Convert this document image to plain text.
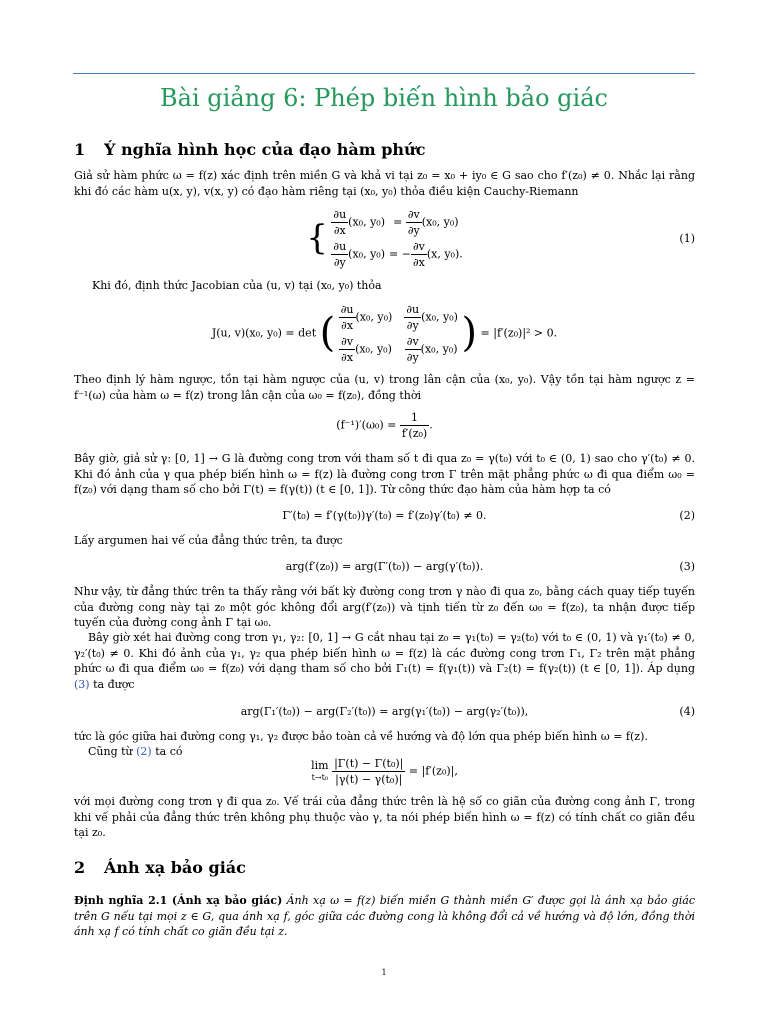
Bài giảng 6: Phép biến hình bảo giác
1 Ý nghĩa hình học của đạo hàm phức
Giả sử hàm phức ω = f(z) xác định trên miền G và khả vi tại z₀ = x₀ + iy₀ ∈ G sao cho f′(z₀) ≠ 0. Nhắc lại rằng khi đó các hàm u(x, y), v(x, y) có đạo hàm riêng tại (x₀, y₀) thỏa điều kiện Cauchy-Riemann
{ $\frac{\partial u}{\partial x} (x_0$, $y_0) = \frac{\partial v}{\partial y} (x_0$, y₀)
$\frac{\partial u}{\partial y} (x_0$, y₀) = − $\frac{\partial v}{\partial x} (x$, y₀).
(1)
Khi đó, định thức Jacobian của (u, v) tại (x₀, y₀) thỏa
J(u, v)(x₀, y₀) = det ( $\frac{\partial u}{\partial x} (x_0$, $y_0) \frac{\partial u}{\partial y} (x_0$, y₀)
$\frac{\partial v}{\partial x} (x_0$, $y_0) \frac{\partial v}{\partial y} (x_0$, y₀) ) = |f′(z₀)|² > 0.
Theo định lý hàm ngược, tồn tại hàm ngược của (u, v) trong lân cận của (x₀, y₀). Vậy tồn tại hàm ngược z = f⁻¹(ω) của hàm ω = f(z) trong lân cận của ω₀ = f(z₀), đồng thời
$(f^{-1})'(\omega_0) = \frac{1}{\text{f′(z₀)}}$ .
Bây giờ, giả sử γ: [0, 1] → G là đường cong trơn với tham số t đi qua z₀ = γ(t₀) với t₀ ∈ (0, 1) sao cho γ′(t₀) ≠ 0. Khi đó ảnh của γ qua phép biến hình ω = f(z) là đường cong trơn Γ trên mặt phẳng phức ω đi qua điểm ω₀ = f(z₀) với dạng tham số cho bởi Γ(t) = f(γ(t)) (t ∈ [0, 1]). Từ công thức đạo hàm của hàm hợp ta có
Γ′(t₀) = f′(γ(t₀))γ′(t₀) = f′(z₀)γ′(t₀) ≠ 0.	(2)
Lấy argumen hai vế của đẳng thức trên, ta được
arg(f′(z₀)) = arg(Γ′(t₀)) − arg(γ′(t₀)).	(3)
Như vậy, từ đẳng thức trên ta thấy rằng với bất kỳ đường cong trơn γ nào đi qua z₀, bằng cách quay tiếp tuyến của đường cong này tại z₀ một góc không đổi arg(f′(z₀)) và tịnh tiến từ z₀ đến ω₀ = f(z₀), ta nhận được tiếp tuyến của đường cong ảnh Γ tại ω₀.
Bây giờ xét hai đường cong trơn γ₁, γ₂: [0, 1] → G cắt nhau tại z₀ = γ₁(t₀) = γ₂(t₀) với t₀ ∈ (0, 1) và γ₁′(t₀) ≠ 0, γ₂′(t₀) ≠ 0. Khi đó ảnh của γ₁, γ₂ qua phép biến hình ω = f(z) là các đường cong trơn Γ₁, Γ₂ trên mặt phẳng phức ω đi qua điểm ω₀ = f(z₀) với dạng tham số cho bởi Γ₁(t) = f(γ₁(t)) và Γ₂(t) = f(γ₂(t)) (t ∈ [0, 1]). Áp dụng (3) ta được
arg(Γ₁′(t₀)) − arg(Γ₂′(t₀)) = arg(γ₁′(t₀)) − arg(γ₂′(t₀)),	(4)
tức là góc giữa hai đường cong γ₁, γ₂ được bảo toàn cả về hướng và độ lớn qua phép biến hình ω = f(z).
Cũng từ (2) ta có
lim
t→t₀
$\frac{\text{|Γ(t) − Γ(t₀)|}}{\text{|γ(t) − γ(t₀)|}} = |f'(z_0)|$,
với mọi đường cong trơn γ đi qua z₀. Vế trái của đẳng thức trên là hệ số co giãn của đường cong ảnh Γ, trong khi vế phải của đẳng thức trên không phụ thuộc vào γ, ta nói phép biến hình ω = f(z) có tính chất co giãn đều tại z₀.
2 Ánh xạ bảo giác
Định nghĩa 2.1 (Ánh xạ bảo giác) Ánh xạ ω = f(z) biến miền G thành miền G′ được gọi là ánh xạ bảo giác trên G nếu tại mọi z ∈ G, qua ánh xạ f, góc giữa các đường cong là không đổi cả về hướng và độ lớn, đồng thời ánh xạ f có tính chất co giãn đều tại z.
1
